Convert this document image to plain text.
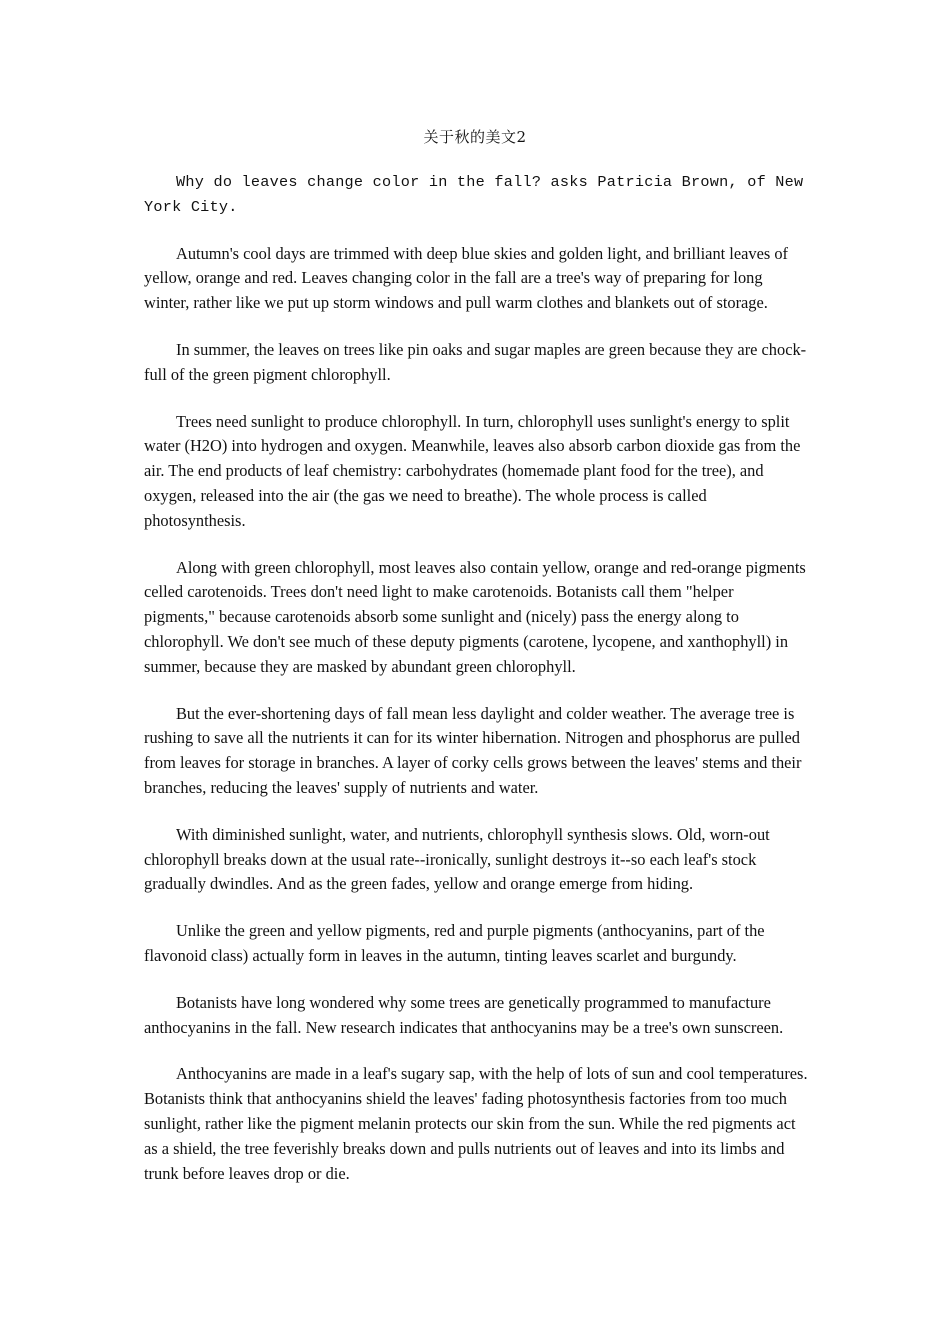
关于秋的美文2

Why do leaves change color in the fall? asks Patricia Brown, of New York City.

Autumn's cool days are trimmed with deep blue skies and golden light, and brilliant leaves of yellow, orange and red. Leaves changing color in the fall are a tree's way of preparing for long winter, rather like we put up storm windows and pull warm clothes and blankets out of storage.

In summer, the leaves on trees like pin oaks and sugar maples are green because they are chock-full of the green pigment chlorophyll.

Trees need sunlight to produce chlorophyll. In turn, chlorophyll uses sunlight's energy to split water (H2O) into hydrogen and oxygen. Meanwhile, leaves also absorb carbon dioxide gas from the air. The end products of leaf chemistry: carbohydrates (homemade plant food for the tree), and oxygen, released into the air (the gas we need to breathe). The whole process is called photosynthesis.

Along with green chlorophyll, most leaves also contain yellow, orange and red-orange pigments celled carotenoids. Trees don't need light to make carotenoids. Botanists call them "helper pigments," because carotenoids absorb some sunlight and (nicely) pass the energy along to chlorophyll. We don't see much of these deputy pigments (carotene, lycopene, and xanthophyll) in summer, because they are masked by abundant green chlorophyll.

But the ever-shortening days of fall mean less daylight and colder weather. The average tree is rushing to save all the nutrients it can for its winter hibernation. Nitrogen and phosphorus are pulled from leaves for storage in branches. A layer of corky cells grows between the leaves' stems and their branches, reducing the leaves' supply of nutrients and water.

With diminished sunlight, water, and nutrients, chlorophyll synthesis slows. Old, worn-out chlorophyll breaks down at the usual rate--ironically, sunlight destroys it--so each leaf's stock gradually dwindles. And as the green fades, yellow and orange emerge from hiding.

Unlike the green and yellow pigments, red and purple pigments (anthocyanins, part of the flavonoid class) actually form in leaves in the autumn, tinting leaves scarlet and burgundy.

Botanists have long wondered why some trees are genetically programmed to manufacture anthocyanins in the fall. New research indicates that anthocyanins may be a tree's own sunscreen.

Anthocyanins are made in a leaf's sugary sap, with the help of lots of sun and cool temperatures. Botanists think that anthocyanins shield the leaves' fading photosynthesis factories from too much sunlight, rather like the pigment melanin protects our skin from the sun. While the red pigments act as a shield, the tree feverishly breaks down and pulls nutrients out of leaves and into its limbs and trunk before leaves drop or die.
